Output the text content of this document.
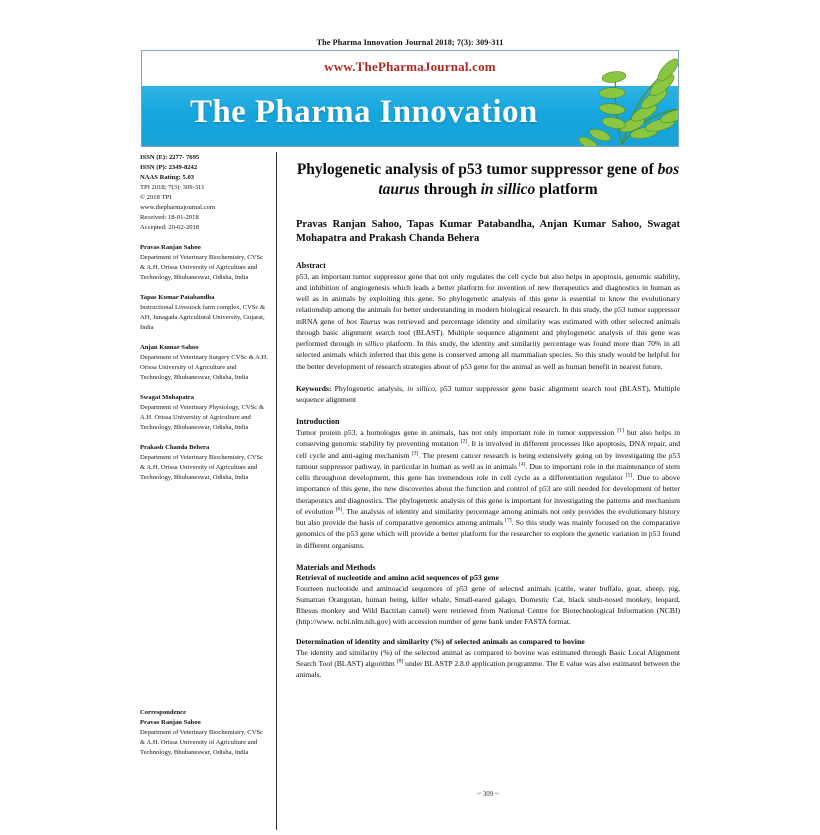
The Pharma Innovation Journal 2018; 7(3): 309-311
www.ThePharmaJournal.com
The Pharma Innovation
ISSN (E): 2277- 7695
ISSN (P): 2349-8242
NAAS Rating: 5.03
TPI 2018; 7(3): 309-311
© 2018 TPI
www.thepharmajournal.com
Received: 18-01-2018
Accepted: 20-02-2018
Pravas Ranjan Sahoo
Department of Veterinary Biochemistry, CVSc & A.H. Orissa University of Agriculture and Technology, Bhubaneswar, Odisha, India
Tapas Kumar Patabandha
Instructional Livestock farm complex, CVSc & AH, Junagada Agricultural University, Gujarat, India
Anjan Kumar Sahoo
Department of Veterinary Surgery CVSc & A.H. Orissa University of Agriculture and Technology, Bhubaneswar, Odisha, India
Swagat Mohapatra
Department of Veterinary Physiology, CVSc & A.H. Orissa University of Agriculture and Technology, Bhubaneswar, Odisha, India
Prakash Chanda Behera
Department of Veterinary Biochemistry, CVSc & A.H. Orissa University of Agriculture and Technology, Bhubaneswar, Odisha, India
Correspondence
Pravas Ranjan Sahoo
Department of Veterinary Biochemistry, CVSc & A.H. Orissa University of Agriculture and Technology, Bhubaneswar, Odisha, India
Phylogenetic analysis of p53 tumor suppressor gene of bos taurus through in sillico platform
Pravas Ranjan Sahoo, Tapas Kumar Patabandha, Anjan Kumar Sahoo, Swagat Mohapatra and Prakash Chanda Behera
Abstract

p53, an important tumor suppressor gene that not only regulates the cell cycle but also helps in apoptosis, genomic stability, and inhibition of angiogenesis which leads a better platform for invention of new therapeutics and diagnostics in human as well as in animals by exploiting this gene. So phylogenetic analysis of this gene is essential to know the evolutionary relationship among the animals for better understanding in modern biological research. In this study, the p53 tumor suppressor mRNA gene of bos Taurus was retrieved and percentage identity and similarity was estimated with other selected animals through basic alignment search tool (BLAST). Multiple sequence alignment and phylogenetic analysis of this gene was performed through in sillico platform. In this study, the identity and similarity percentage was found more than 70% in all selected animals which inferred that this gene is conserved among all mammalian species. So this study would be helpful for the better development of research strategies about of p53 gene for the animal as well as human benefit in nearest future.

Keywords: Phylogenetic analysis, in sillico, p53 tumor suppressor gene basic alignment search tool (BLAST), Multiple sequence alignment

Introduction

Tumor protein p53, a homologus gene in animals, has not only important role in tumor suppression [1] but also helps in conserving genomic stability by preventing mutation [2]. It is involved in different processes like apoptosis, DNA repair, and cell cycle and anti-aging mechanism [3]. The present cancer research is being extensively going on by investigating the p53 tumour suppressor pathway, in particular in human as well as in animals [4]. Due to important role in the maintenance of stem cells throughout development, this gene has tremendous role in cell cycle as a differentiation regulator [5]. Due to above importance of this gene, the new discoveries about the function and control of p53 are still needed for development of better therapeutics and diagnostics. The phylogenetic analysis of this gene is important for investigating the patterns and mechanism of evolution [6]. The analysis of identity and similarity percentage among animals not only provides the evolutionary history but also provide the basis of comparative genomics among animals [7]. So this study was mainly focused on the comparative genomics of the p53 gene which will provide a better platform for the researcher to explore the genetic variation in p53 found in different organisms.

Materials and Methods
Retrieval of nucleotide and amino acid sequences of p53 gene

Fourteen nucleotide and aminoacid sequences of p53 gene of selected animals (cattle, water buffalo, goat, sheep, pig, Sumatran Orangutan, human being, killer whale, Small-eared galago, Domestic Cat, black snub-nosed monkey, leopard, Rhesus monkey and Wild Bactrian camel) were retrieved from National Centre for Biotechnological Information (NCBI) (http://www. ncbi.nlm.nih.gov) with accession number of gene bank under FASTA format.

Determination of identity and similarity (%) of selected animals as compared to bovine

The identity and similarity (%) of the selected animal as compared to bovine was estimated through Basic Local Alignment Search Tool (BLAST) algorithm [8] under BLASTP 2.8.0 application programme. The E value was also estimated between the animals.

~ 309 ~
